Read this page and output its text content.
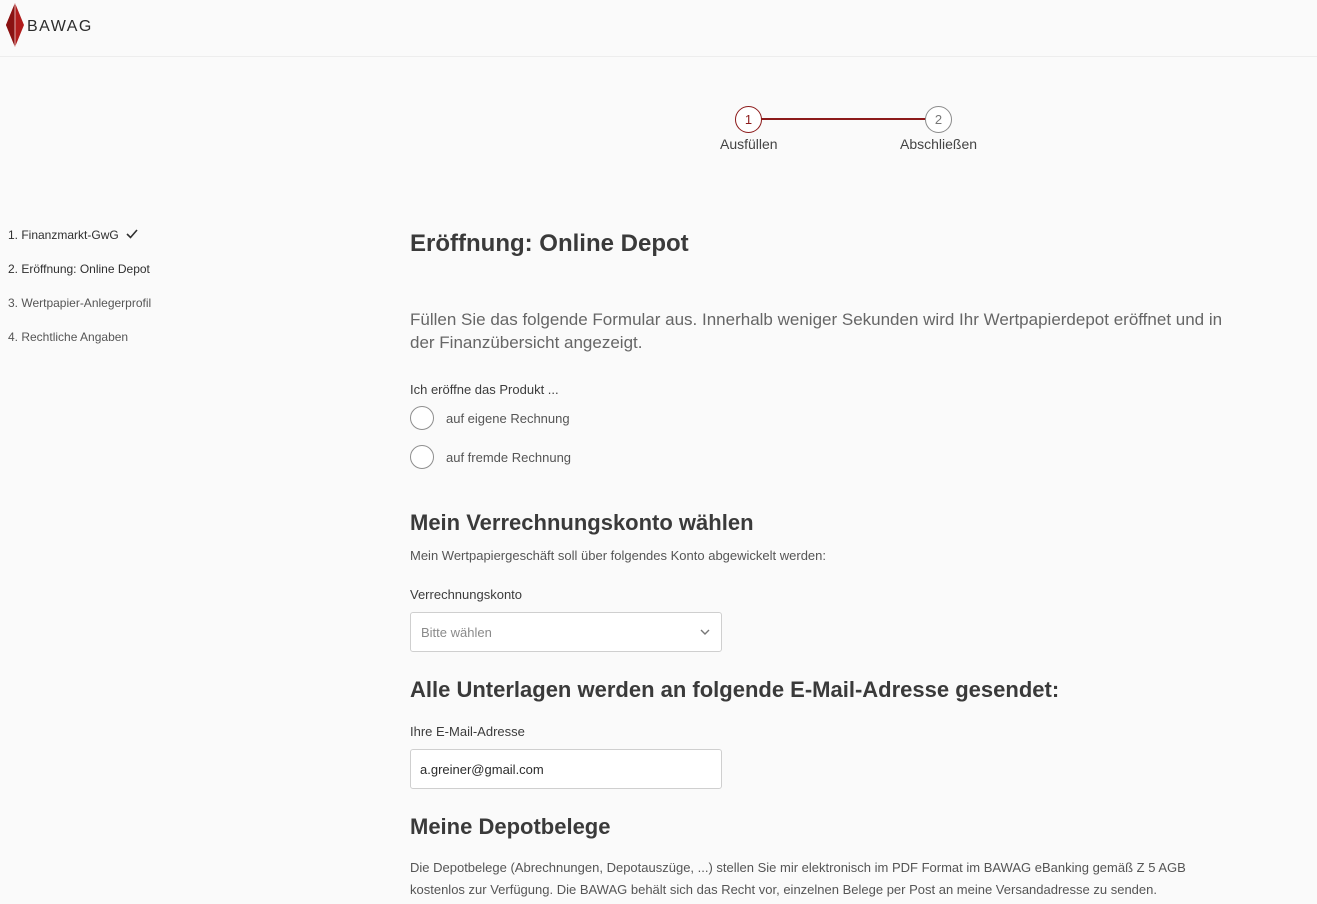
BAWAG
1	2
Ausfüllen	Abschließen
1. Finanzmarkt-GwG
2. Eröffnung: Online Depot
3. Wertpapier-Anlegerprofil
4. Rechtliche Angaben
Eröffnung: Online Depot

Füllen Sie das folgende Formular aus. Innerhalb weniger Sekunden wird Ihr Wertpapierdepot eröffnet und in der Finanzübersicht angezeigt.

Ich eröffne das Produkt ...
auf eigene Rechnung
auf fremde Rechnung
Mein Verrechnungskonto wählen
Mein Wertpapiergeschäft soll über folgendes Konto abgewickelt werden:
Verrechnungskonto
Bitte wählen
Alle Unterlagen werden an folgende E-Mail-Adresse gesendet:
Ihre E-Mail-Adresse
a.greiner@gmail.com
Meine Depotbelege

Die Depotbelege (Abrechnungen, Depotauszüge, ...) stellen Sie mir elektronisch im PDF Format im BAWAG eBanking gemäß Z 5 AGB kostenlos zur Verfügung. Die BAWAG behält sich das Recht vor, einzelnen Belege per Post an meine Versandadresse zu senden.
